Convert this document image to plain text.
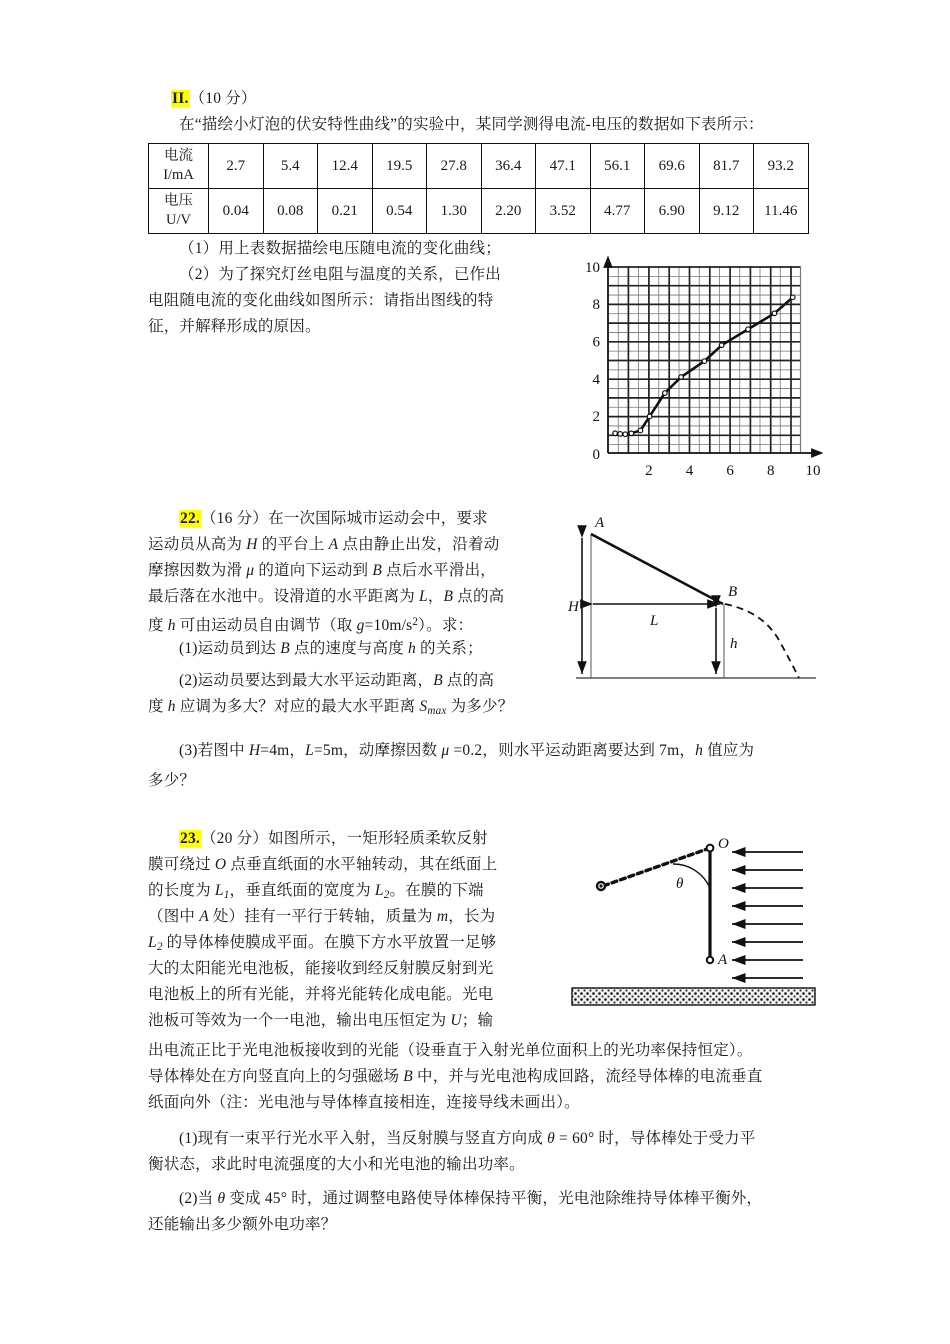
II.（10 分）
在“描绘小灯泡的伏安特性曲线”的实验中，某同学测得电流-电压的数据如下表所示：
电流
I/mA	2.7	5.4	12.4	19.5	27.8	36.4	47.1	56.1	69.6	81.7	93.2
电压
U/V	0.04	0.08	0.21	0.54	1.30	2.20	3.52	4.77	6.90	9.12	11.46
（1）用上表数据描绘电压随电流的变化曲线；
（2）为了探究灯丝电阻与温度的关系，已作出
电阻随电流的变化曲线如图所示：请指出图线的特
征，并解释形成的原因。
10
8
6
4
2
0
2 4 6 8 10
22.（16 分）在一次国际城市运动会中，要求
运动员从高为 H 的平台上 A 点由静止出发，沿着动
摩擦因数为滑 μ 的道向下运动到 B 点后水平滑出，
最后落在水池中。设滑道的水平距离为 L，B 点的高
度 h 可由运动员自由调节（取 $g=10m/s^2$）。求：
(1)运动员到达 B 点的速度与高度 h 的关系；
(2)运动员要达到最大水平运动距离，B 点的高
度 h 应调为多大？对应的最大水平距离 $S_{max}$ 为多少？
(3)若图中 H=4m，L=5m，动摩擦因数 μ =0.2，则水平运动距离要达到 7m，h 值应为
多少？
A
B
H
L
h
23.（20 分）如图所示，一矩形轻质柔软反射
膜可绕过 O 点垂直纸面的水平轴转动，其在纸面上
的长度为 $L_1$，垂直纸面的宽度为 $L_2$。在膜的下端
（图中 A 处）挂有一平行于转轴，质量为 m，长为
$L_2$ 的导体棒使膜成平面。在膜下方水平放置一足够
大的太阳能光电池板，能接收到经反射膜反射到光
电池板上的所有光能，并将光能转化成电能。光电
池板可等效为一个一电池，输出电压恒定为 U；输
出电流正比于光电池板接收到的光能（设垂直于入射光单位面积上的光功率保持恒定）。
导体棒处在方向竖直向上的匀强磁场 B 中，并与光电池构成回路，流经导体棒的电流垂直
纸面向外（注：光电池与导体棒直接相连，连接导线未画出）。
(1)现有一束平行光水平入射，当反射膜与竖直方向成 θ = 60° 时，导体棒处于受力平
衡状态，求此时电流强度的大小和光电池的输出功率。
(2)当 θ 变成 45° 时，通过调整电路使导体棒保持平衡，光电池除维持导体棒平衡外，
还能输出多少额外电功率？
O
A
θ
